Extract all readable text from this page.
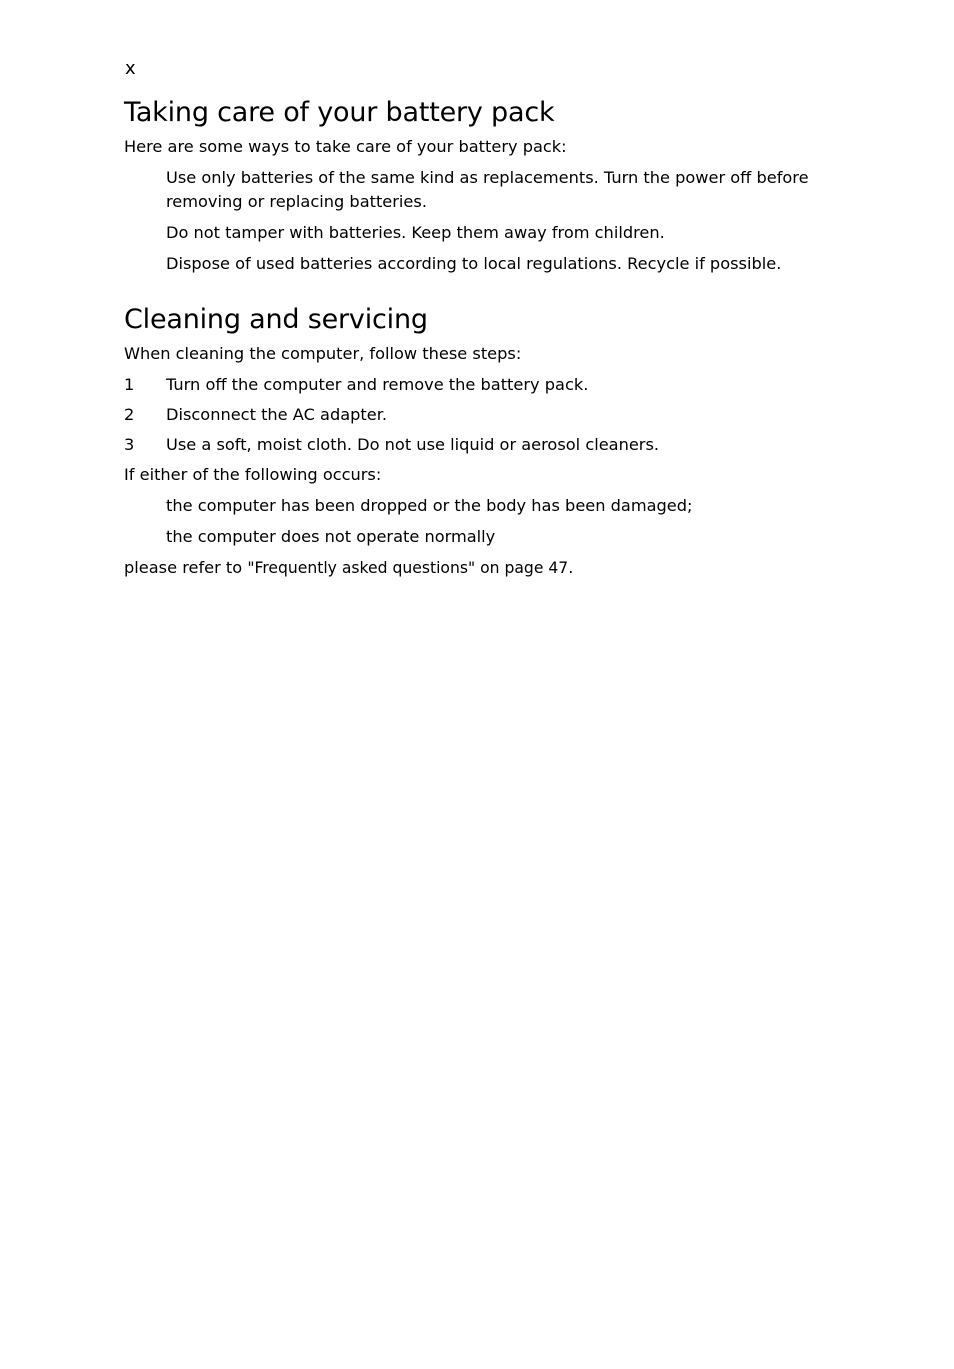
x
Taking care of your battery pack

Here are some ways to take care of your battery pack:

Use only batteries of the same kind as replacements. Turn the power off before removing or replacing batteries.

Do not tamper with batteries. Keep them away from children.

Dispose of used batteries according to local regulations. Recycle if possible.

Cleaning and servicing

When cleaning the computer, follow these steps:

1	Turn off the computer and remove the battery pack.
2	Disconnect the AC adapter.
3	Use a soft, moist cloth. Do not use liquid or aerosol cleaners.

If either of the following occurs:

the computer has been dropped or the body has been damaged;

the computer does not operate normally

please refer to "Frequently asked questions" on page 47.
